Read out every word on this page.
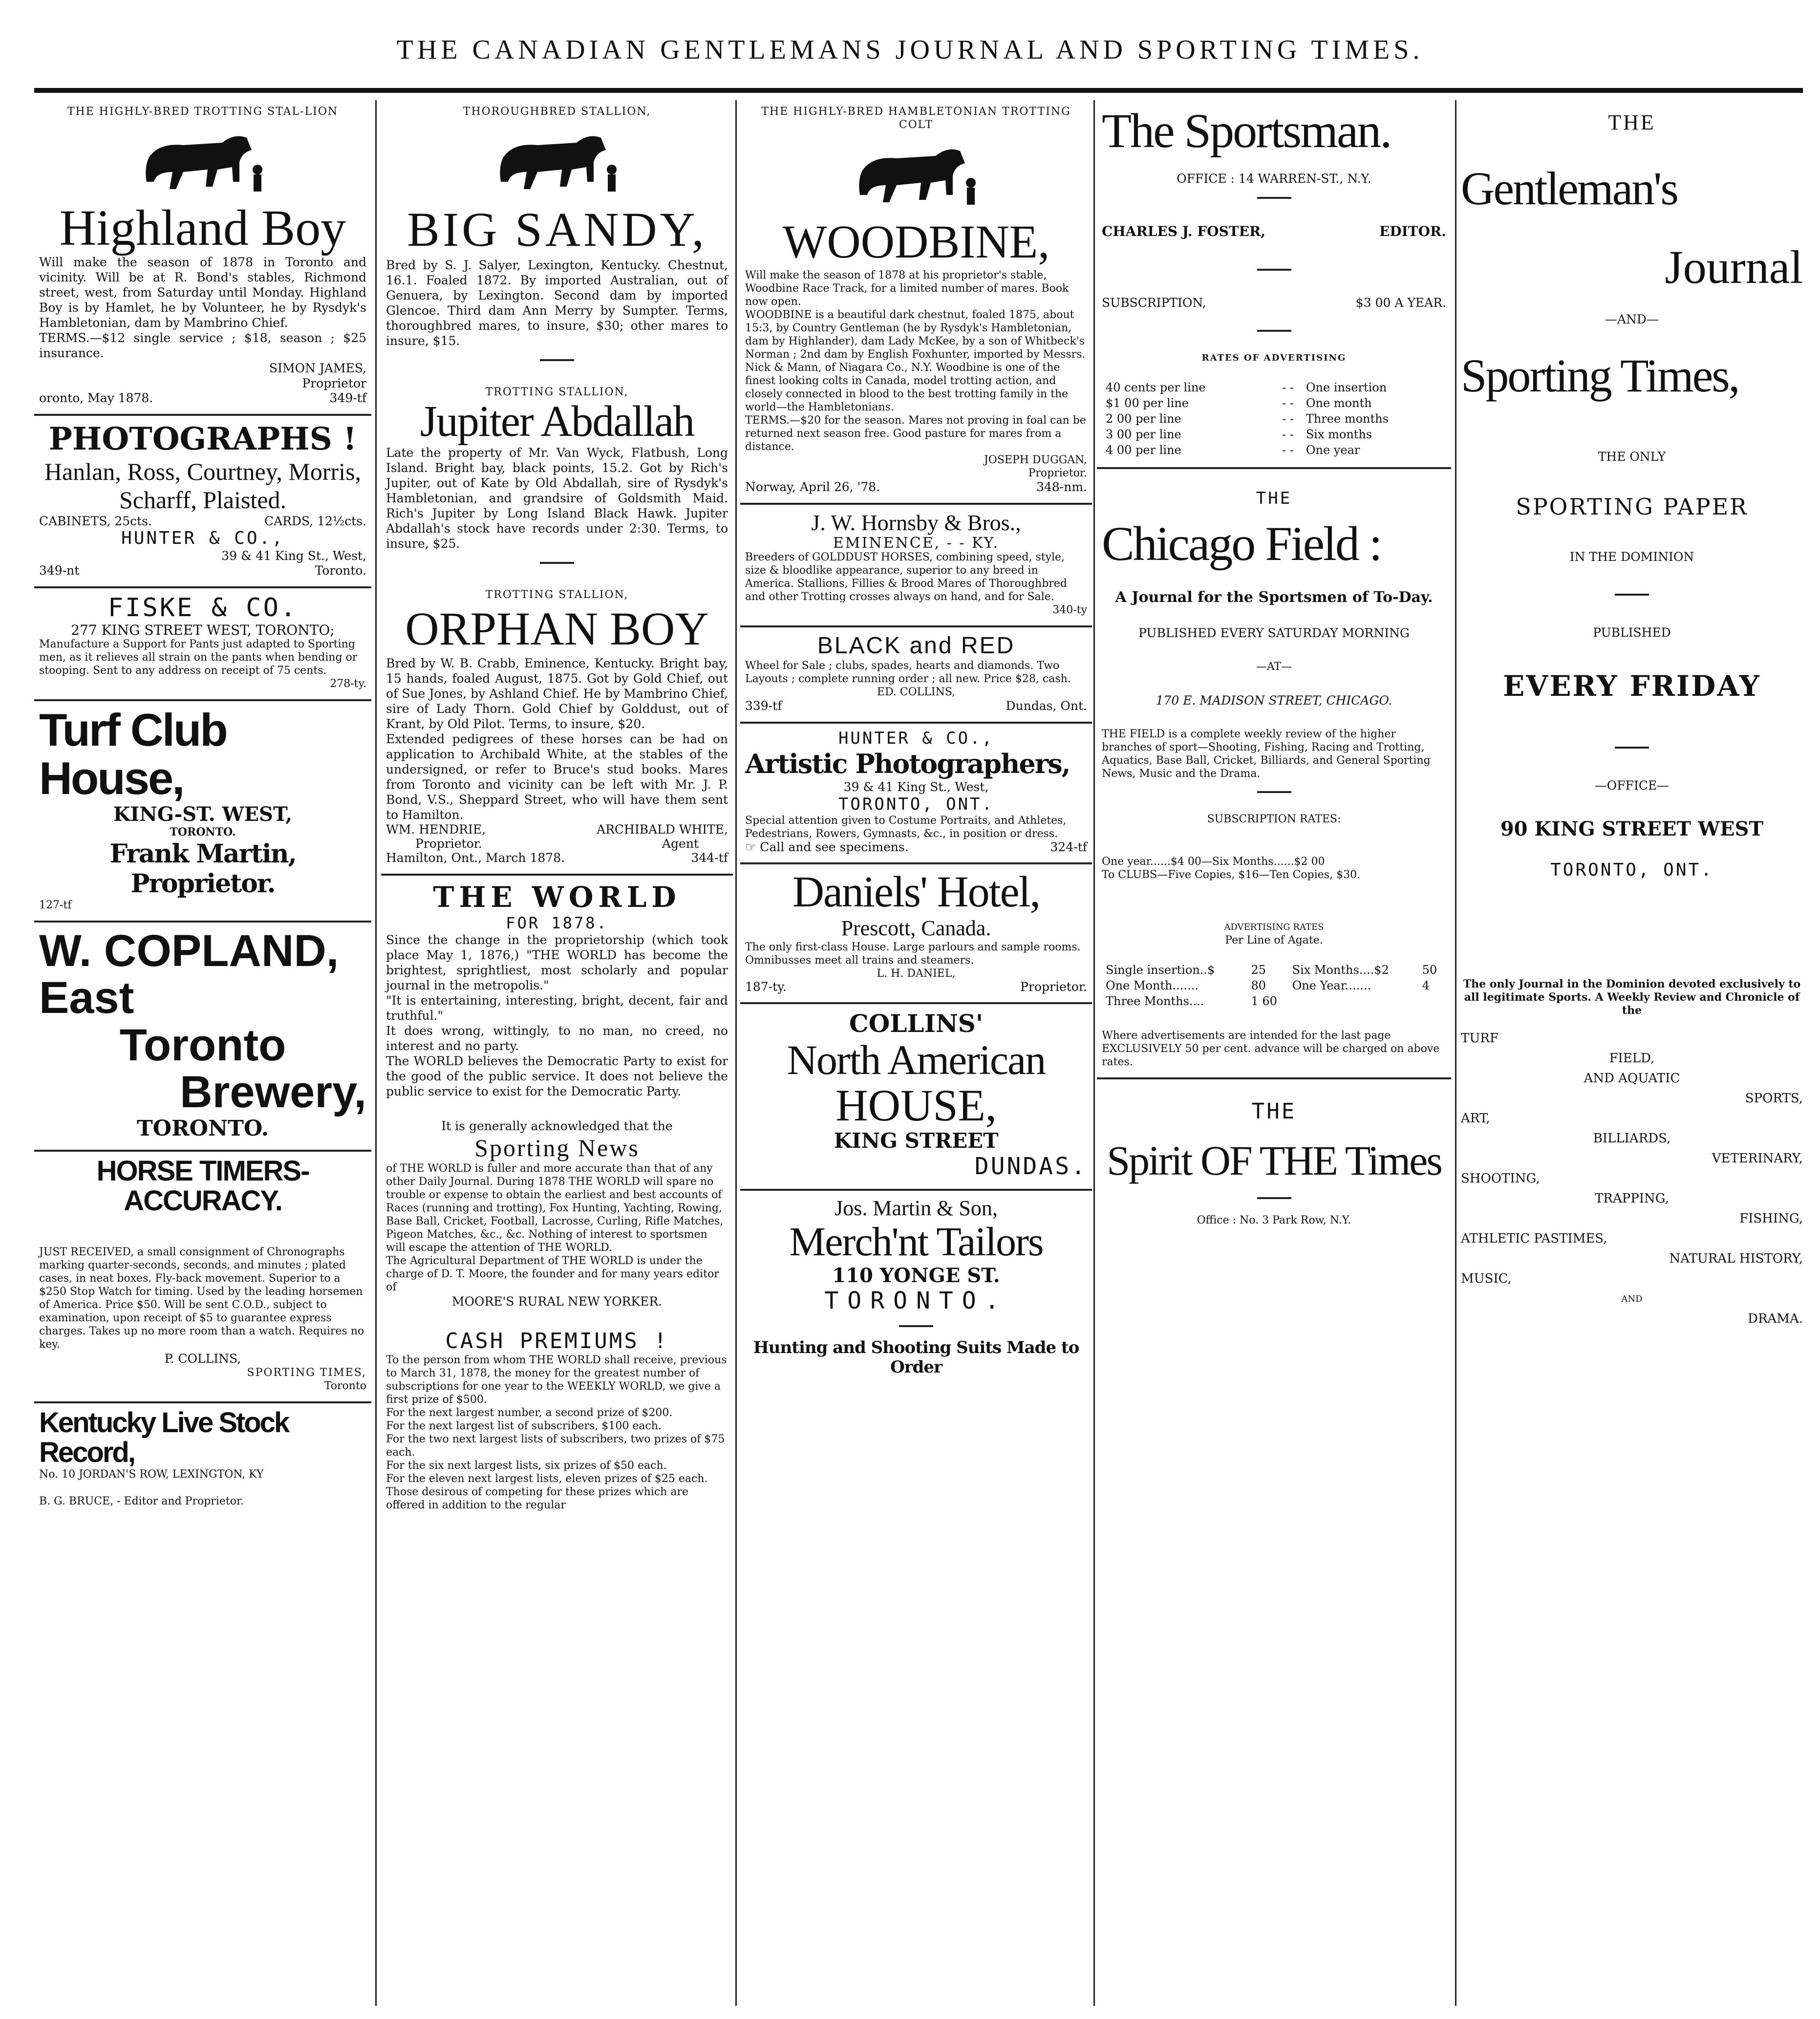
THE CANADIAN GENTLEMANS JOURNAL AND SPORTING TIMES.
THE HIGHLY-BRED TROTTING STAL-LION
Highland Boy
Will make the season of 1878 in Toronto and vicinity. Will be at R. Bond's stables, Richmond street, west, from Saturday until Monday. Highland Boy is by Hamlet, he by Volunteer, he by Rysdyk's Hambletonian, dam by Mambrino Chief.
TERMS.—$12 single service ; $18, season ; $25 insurance.
SIMON JAMES,
Proprietor
oronto, May 1878.	349-tf
PHOTOGRAPHS !
Hanlan, Ross, Courtney, Morris, Scharff, Plaisted.
CABINETS, 25cts.	CARDS, 12½cts.
HUNTER & CO.,
39 & 41 King St., West,
349-nt	Toronto.
FISKE & CO.
277 KING STREET WEST, TORONTO;
Manufacture a Support for Pants just adapted to Sporting men, as it relieves all strain on the pants when bending or stooping. Sent to any address on receipt of 75 cents.
278-ty.
Turf Club House,
KING-ST. WEST,
TORONTO.
Frank Martin, Proprietor.
127-tf
W. COPLAND,
East
Toronto
Brewery,
TORONTO.
HORSE TIMERS-ACCURACY.
JUST RECEIVED, a small consignment of Chronographs marking quarter-seconds, seconds, and minutes ; plated cases, in neat boxes. Fly-back movement. Superior to a $250 Stop Watch for timing. Used by the leading horsemen of America. Price $50. Will be sent C.O.D., subject to examination, upon receipt of $5 to guarantee express charges. Takes up no more room than a watch. Requires no key.
P. COLLINS,
SPORTING TIMES,
Toronto
Kentucky Live Stock Record,
No. 10 JORDAN'S ROW, LEXINGTON, KY
B. G. BRUCE, - Editor and Proprietor.
THOROUGHBRED STALLION,
BIG SANDY,
Bred by S. J. Salyer, Lexington, Kentucky. Chestnut, 16.1. Foaled 1872. By imported Australian, out of Genuera, by Lexington. Second dam by imported Glencoe. Third dam Ann Merry by Sumpter. Terms, thoroughbred mares, to insure, $30; other mares to insure, $15.
TROTTING STALLION,
Jupiter Abdallah
Late the property of Mr. Van Wyck, Flatbush, Long Island. Bright bay, black points, 15.2. Got by Rich's Jupiter, out of Kate by Old Abdallah, sire of Rysdyk's Hambletonian, and grandsire of Goldsmith Maid. Rich's Jupiter by Long Island Black Hawk. Jupiter Abdallah's stock have records under 2:30. Terms, to insure, $25.
TROTTING STALLION,
ORPHAN BOY
Bred by W. B. Crabb, Eminence, Kentucky. Bright bay, 15 hands, foaled August, 1875. Got by Gold Chief, out of Sue Jones, by Ashland Chief. He by Mambrino Chief, sire of Lady Thorn. Gold Chief by Golddust, out of Krant, by Old Pilot. Terms, to insure, $20.
Extended pedigrees of these horses can be had on application to Archibald White, at the stables of the undersigned, or refer to Bruce's stud books. Mares from Toronto and vicinity can be left with Mr. J. P. Bond, V.S., Sheppard Street, who will have them sent to Hamilton.
WM. HENDRIE,	ARCHIBALD WHITE,
Proprietor.	Agent
Hamilton, Ont., March 1878.	344-tf
THE WORLD
FOR 1878.
Since the change in the proprietorship (which took place May 1, 1876,) "THE WORLD has become the brightest, sprightliest, most scholarly and popular journal in the metropolis."
"It is entertaining, interesting, bright, decent, fair and truthful."
It does wrong, wittingly, to no man, no creed, no interest and no party.
The WORLD believes the Democratic Party to exist for the good of the public service. It does not believe the public service to exist for the Democratic Party.
It is generally acknowledged that the
Sporting News
of THE WORLD is fuller and more accurate than that of any other Daily Journal. During 1878 THE WORLD will spare no trouble or expense to obtain the earliest and best accounts of Races (running and trotting), Fox Hunting, Yachting, Rowing, Base Ball, Cricket, Football, Lacrosse, Curling, Rifle Matches, Pigeon Matches, &c., &c. Nothing of interest to sportsmen will escape the attention of THE WORLD.
The Agricultural Department of THE WORLD is under the charge of D. T. Moore, the founder and for many years editor of
MOORE'S RURAL NEW YORKER.
CASH PREMIUMS !
To the person from whom THE WORLD shall receive, previous to March 31, 1878, the money for the greatest number of subscriptions for one year to the WEEKLY WORLD, we give a first prize of $500.
For the next largest number, a second prize of $200.
For the next largest list of subscribers, $100 each.
For the two next largest lists of subscribers, two prizes of $75 each.
For the six next largest lists, six prizes of $50 each.
For the eleven next largest lists, eleven prizes of $25 each.
Those desirous of competing for these prizes which are offered in addition to the regular
THE HIGHLY-BRED HAMBLETONIAN TROTTING COLT
WOODBINE,
Will make the season of 1878 at his proprietor's stable, Woodbine Race Track, for a limited number of mares. Book now open.
WOODBINE is a beautiful dark chestnut, foaled 1875, about 15:3, by Country Gentleman (he by Rysdyk's Hambletonian, dam by Highlander), dam Lady McKee, by a son of Whitbeck's Norman ; 2nd dam by English Foxhunter, imported by Messrs. Nick & Mann, of Niagara Co., N.Y. Woodbine is one of the finest looking colts in Canada, model trotting action, and closely connected in blood to the best trotting family in the world—the Hambletonians.
TERMS.—$20 for the season. Mares not proving in foal can be returned next season free. Good pasture for mares from a distance.
JOSEPH DUGGAN,
Proprietor.
Norway, April 26, '78.	348-nm.
J. W. Hornsby & Bros.,
EMINENCE, - - KY.
Breeders of GOLDDUST HORSES, combining speed, style, size & bloodlike appearance, superior to any breed in America. Stallions, Fillies & Brood Mares of Thoroughbred and other Trotting crosses always on hand, and for Sale.
340-ty
BLACK and RED
Wheel for Sale ; clubs, spades, hearts and diamonds. Two Layouts ; complete running order ; all new. Price $28, cash.
ED. COLLINS,
339-tf	Dundas, Ont.
HUNTER & CO.,
Artistic Photographers,
39 & 41 King St., West,
TORONTO, ONT.
Special attention given to Costume Portraits, and Athletes, Pedestrians, Rowers, Gymnasts, &c., in position or dress.
☞ Call and see specimens.	324-tf
Daniels' Hotel,
Prescott, Canada.
The only first-class House. Large parlours and sample rooms. Omnibusses meet all trains and steamers.
L. H. DANIEL,
187-ty.	Proprietor.
COLLINS'
North American
HOUSE,
KING STREET
DUNDAS.
Jos. Martin & Son,
Merch'nt Tailors
110 YONGE ST.
TORONTO.
Hunting and Shooting Suits Made to Order
The Sportsman.
OFFICE : 14 WARREN-ST., N.Y.
CHARLES J. FOSTER,	EDITOR.
SUBSCRIPTION,	$3 00 A YEAR.
RATES OF ADVERTISING
40 cents per line	- -	One insertion
$1 00 per line	- -	One month
2 00 per line	- -	Three months
3 00 per line	- -	Six months
4 00 per line	- -	One year
THE
Chicago Field :
A Journal for the Sportsmen of To-Day.
PUBLISHED EVERY SATURDAY MORNING
—AT—
170 E. MADISON STREET, CHICAGO.
THE FIELD is a complete weekly review of the higher branches of sport—Shooting, Fishing, Racing and Trotting, Aquatics, Base Ball, Cricket, Billiards, and General Sporting News, Music and the Drama.
SUBSCRIPTION RATES:
One year......$4 00—Six Months......$2 00
To CLUBS—Five Copies, $16—Ten Copies, $30.
ADVERTISING RATES
Per Line of Agate.
Single insertion..$	25	Six Months....$2	50
One Month.......	80	One Year.......	4
Three Months....	1 60		
Where advertisements are intended for the last page EXCLUSIVELY 50 per cent. advance will be charged on above rates.
THE
Spirit OF THE Times
Office : No. 3 Park Row, N.Y.
THE
Gentleman's
Journal
—AND—
Sporting Times,
THE ONLY
SPORTING PAPER
IN THE DOMINION
PUBLISHED
EVERY FRIDAY
—OFFICE—
90 KING STREET WEST
TORONTO, ONT.
The only Journal in the Dominion devoted exclusively to all legitimate Sports. A Weekly Review and Chronicle of the
TURF
FIELD,
AND AQUATIC
SPORTS,
ART,
BILLIARDS,
VETERINARY,
SHOOTING,
TRAPPING,
FISHING,
ATHLETIC PASTIMES,
NATURAL HISTORY,
MUSIC,
AND
DRAMA.
